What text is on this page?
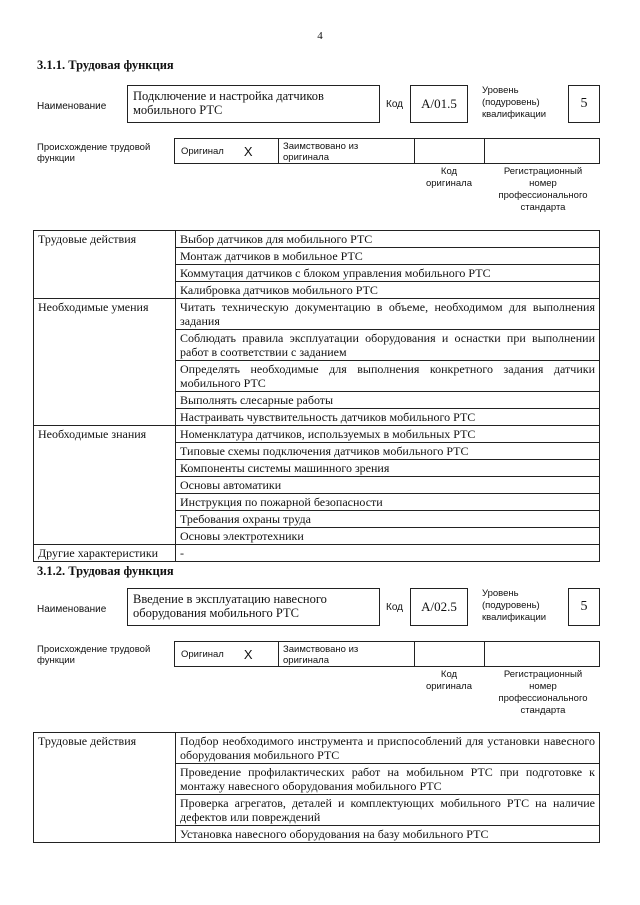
4
3.1.1. Трудовая функция
Наименование
Подключение и настройка датчиков
мобильного РТС	Код	A/01.5
Уровень
(подуровень)
квалификации
5
Происхождение трудовой
функции
Оригинал X	Заимствовано из
оригинала
Код
оригинала
Регистрационный
номер
профессионального
стандарта
Трудовые действия	Выбор датчиков для мобильного РТС
	Монтаж датчиков в мобильное РТС
	Коммутация датчиков с блоком управления мобильного РТС
	Калибровка датчиков мобильного РТС
Необходимые умения	Читать техническую документацию в объеме, необходимом для выполнения задания
	Соблюдать правила эксплуатации оборудования и оснастки при выполнении работ в соответствии с заданием
	Определять необходимые для выполнения конкретного задания датчики мобильного РТС
	Выполнять слесарные работы
	Настраивать чувствительность датчиков мобильного РТС
Необходимые знания	Номенклатура датчиков, используемых в мобильных РТС
	Типовые схемы подключения датчиков мобильного РТС
	Компоненты системы машинного зрения
	Основы автоматики
	Инструкция по пожарной безопасности
	Требования охраны труда
	Основы электротехники
Другие характеристики	-
3.1.2. Трудовая функция
Наименование
Введение в эксплуатацию навесного
оборудования мобильного РТС	Код	A/02.5
Уровень
(подуровень)
квалификации
5
Происхождение трудовой
функции
Оригинал X	Заимствовано из
оригинала
Код
оригинала
Регистрационный
номер
профессионального
стандарта
Трудовые действия	Подбор необходимого инструмента и приспособлений для установки навесного оборудования мобильного РТС
Проведение профилактических работ на мобильном РТС при подготовке к монтажу навесного оборудования мобильного РТС
Проверка агрегатов, деталей и комплектующих мобильного РТС на наличие дефектов или повреждений
Установка навесного оборудования на базу мобильного РТС
